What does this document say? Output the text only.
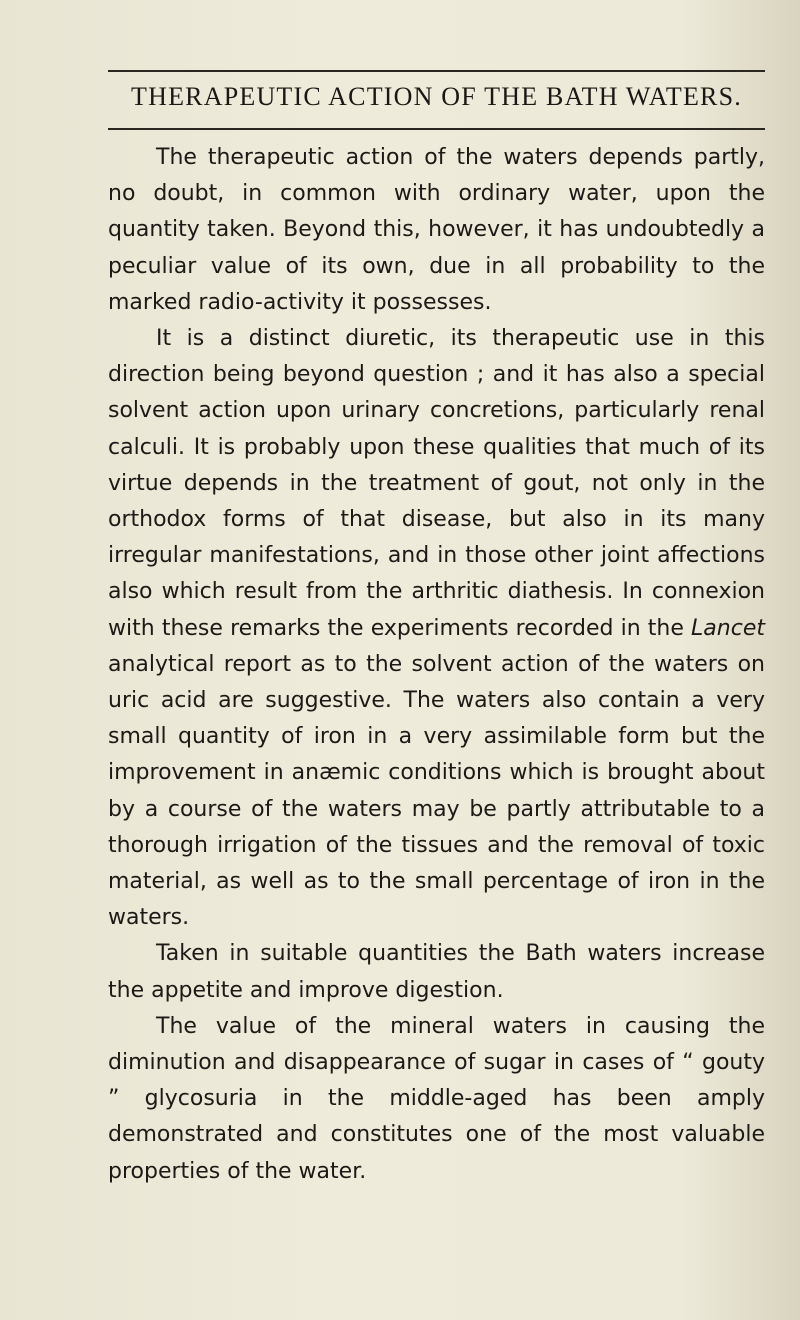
THERAPEUTIC ACTION OF THE BATH WATERS.

The therapeutic action of the waters depends partly, no doubt, in common with ordinary water, upon the quantity taken. Beyond this, however, it has undoubtedly a peculiar value of its own, due in all probability to the marked radio-activity it possesses.

It is a distinct diuretic, its therapeutic use in this direction being beyond question ; and it has also a special solvent action upon urinary concretions, particularly renal calculi. It is probably upon these qualities that much of its virtue depends in the treatment of gout, not only in the orthodox forms of that disease, but also in its many irregular manifestations, and in those other joint affections also which result from the arthritic diathesis. In connexion with these remarks the experiments recorded in the Lancet analytical report as to the solvent action of the waters on uric acid are suggestive. The waters also contain a very small quantity of iron in a very assimilable form but the improvement in anæmic conditions which is brought about by a course of the waters may be partly attributable to a thorough irrigation of the tissues and the removal of toxic material, as well as to the small percentage of iron in the waters.

Taken in suitable quantities the Bath waters increase the appetite and improve digestion.

The value of the mineral waters in causing the diminution and disappearance of sugar in cases of “ gouty ” glycosuria in the middle-aged has been amply demonstrated and constitutes one of the most valuable properties of the water.
